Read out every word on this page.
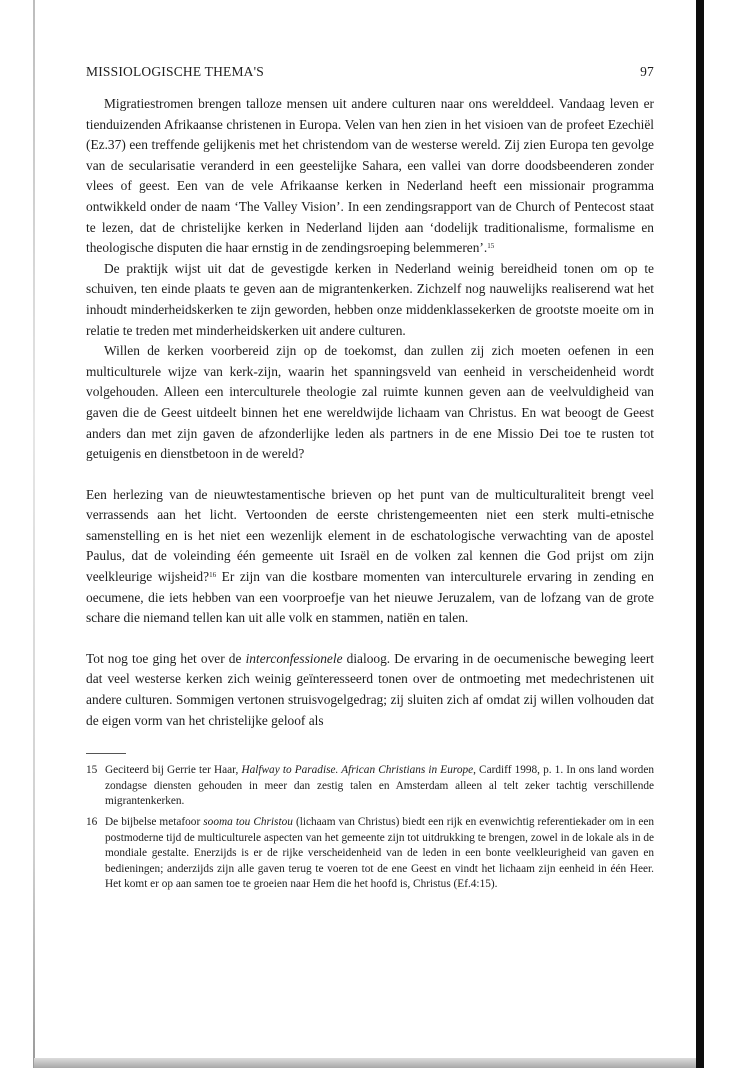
MISSIOLOGISCHE THEMA'S	97

Migratiestromen brengen talloze mensen uit andere culturen naar ons werelddeel. Vandaag leven er tienduizenden Afrikaanse christenen in Europa. Velen van hen zien in het visioen van de profeet Ezechiël (Ez.37) een treffende gelijkenis met het christendom van de westerse wereld. Zij zien Europa ten gevolge van de secularisatie veranderd in een geestelijke Sahara, een vallei van dorre doodsbeenderen zonder vlees of geest. Een van de vele Afrikaanse kerken in Nederland heeft een missionair programma ontwikkeld onder de naam ‘The Valley Vision’. In een zendingsrapport van de Church of Pentecost staat te lezen, dat de christelijke kerken in Nederland lijden aan ‘dodelijk traditionalisme, formalisme en theologische disputen die haar ernstig in de zendingsroeping belemmeren’.$^{15}$

De praktijk wijst uit dat de gevestigde kerken in Nederland weinig bereidheid tonen om op te schuiven, ten einde plaats te geven aan de migrantenkerken. Zichzelf nog nauwelijks realiserend wat het inhoudt minderheidskerken te zijn geworden, hebben onze middenklassekerken de grootste moeite om in relatie te treden met minderheidskerken uit andere culturen.

Willen de kerken voorbereid zijn op de toekomst, dan zullen zij zich moeten oefenen in een multiculturele wijze van kerk-zijn, waarin het spanningsveld van eenheid in verscheidenheid wordt volgehouden. Alleen een interculturele theologie zal ruimte kunnen geven aan de veelvuldigheid van gaven die de Geest uitdeelt binnen het ene wereldwijde lichaam van Christus. En wat beoogt de Geest anders dan met zijn gaven de afzonderlijke leden als partners in de ene Missio Dei toe te rusten tot getuigenis en dienstbetoon in de wereld?

Een herlezing van de nieuwtestamentische brieven op het punt van de multiculturaliteit brengt veel verrassends aan het licht. Vertoonden de eerste christengemeenten niet een sterk multi-etnische samenstelling en is het niet een wezenlijk element in de eschatologische verwachting van de apostel Paulus, dat de voleinding één gemeente uit Israël en de volken zal kennen die God prijst om zijn veelkleurige wijsheid?$^{16}$ Er zijn van die kostbare momenten van interculturele ervaring in zending en oecumene, die iets hebben van een voorproefje van het nieuwe Jeruzalem, van de lofzang van de grote schare die niemand tellen kan uit alle volk en stammen, natiën en talen.

Tot nog toe ging het over de interconfessionele dialoog. De ervaring in de oecumenische beweging leert dat veel westerse kerken zich weinig geïnteresseerd tonen over de ontmoeting met medechristenen uit andere culturen. Sommigen vertonen struisvogelgedrag; zij sluiten zich af omdat zij willen volhouden dat de eigen vorm van het christelijke geloof als

15 Geciteerd bij Gerrie ter Haar, Halfway to Paradise. African Christians in Europe, Cardiff 1998, p. 1. In ons land worden zondagse diensten gehouden in meer dan zestig talen en Amsterdam alleen al telt zeker tachtig verschillende migrantenkerken.
16 De bijbelse metafoor sooma tou Christou (lichaam van Christus) biedt een rijk en evenwichtig referentiekader om in een postmoderne tijd de multiculturele aspecten van het gemeente zijn tot uitdrukking te brengen, zowel in de lokale als in de mondiale gestalte. Enerzijds is er de rijke verscheidenheid van de leden in een bonte veelkleurigheid van gaven en bedieningen; anderzijds zijn alle gaven terug te voeren tot de ene Geest en vindt het lichaam zijn eenheid in één Heer. Het komt er op aan samen toe te groeien naar Hem die het hoofd is, Christus (Ef.4:15).
